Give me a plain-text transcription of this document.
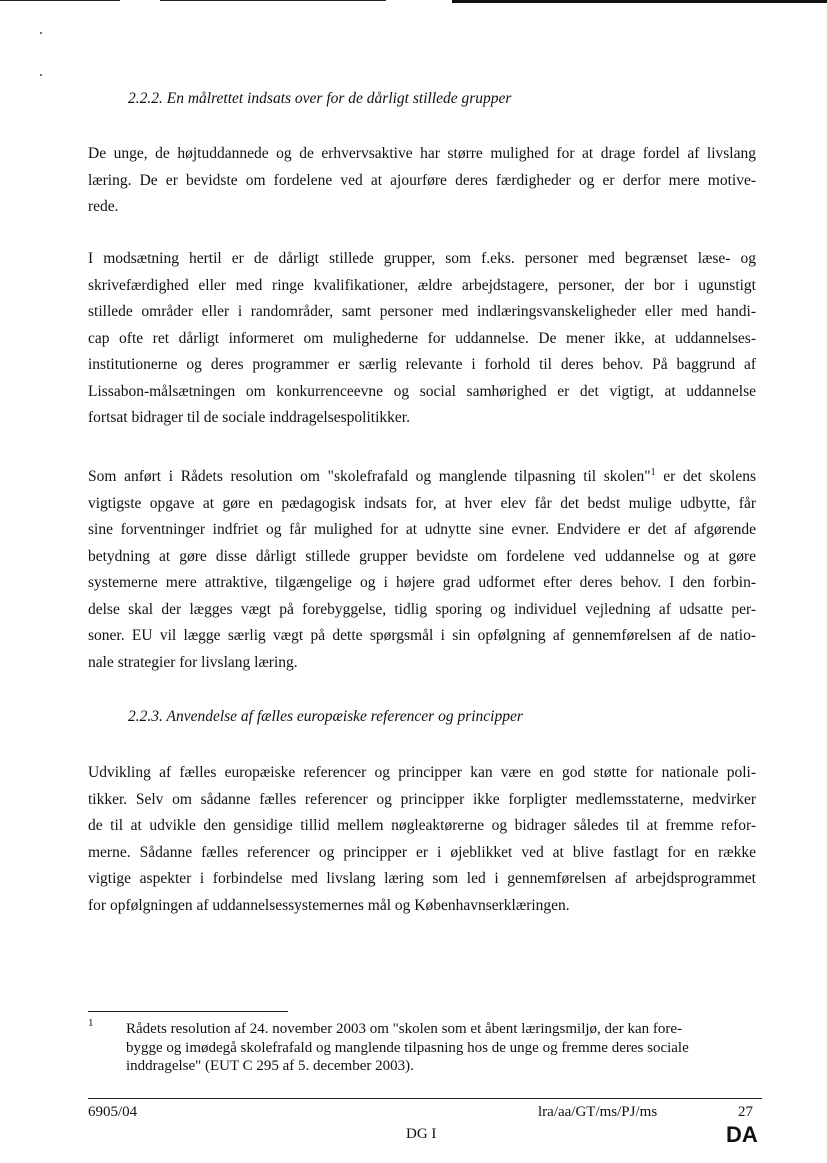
2.2.2. En målrettet indsats over for de dårligt stillede grupper
De unge, de højtuddannede og de erhvervsaktive har større mulighed for at drage fordel af livslang
læring. De er bevidste om fordelene ved at ajourføre deres færdigheder og er derfor mere motive-
rede.
I modsætning hertil er de dårligt stillede grupper, som f.eks. personer med begrænset læse- og
skrivefærdighed eller med ringe kvalifikationer, ældre arbejdstagere, personer, der bor i ugunstigt
stillede områder eller i randområder, samt personer med indlæringsvanskeligheder eller med handi-
cap ofte ret dårligt informeret om mulighederne for uddannelse. De mener ikke, at uddannelses-
institutionerne og deres programmer er særlig relevante i forhold til deres behov. På baggrund af
Lissabon-målsætningen om konkurrenceevne og social samhørighed er det vigtigt, at uddannelse
fortsat bidrager til de sociale inddragelsespolitikker.
Som anført i Rådets resolution om "skolefrafald og manglende tilpasning til skolen"$^1$ er det skolens
vigtigste opgave at gøre en pædagogisk indsats for, at hver elev får det bedst mulige udbytte, får
sine forventninger indfriet og får mulighed for at udnytte sine evner. Endvidere er det af afgørende
betydning at gøre disse dårligt stillede grupper bevidste om fordelene ved uddannelse og at gøre
systemerne mere attraktive, tilgængelige og i højere grad udformet efter deres behov. I den forbin-
delse skal der lægges vægt på forebyggelse, tidlig sporing og individuel vejledning af udsatte per-
soner. EU vil lægge særlig vægt på dette spørgsmål i sin opfølgning af gennemførelsen af de natio-
nale strategier for livslang læring.
2.2.3. Anvendelse af fælles europæiske referencer og principper
Udvikling af fælles europæiske referencer og principper kan være en god støtte for nationale poli-
tikker. Selv om sådanne fælles referencer og principper ikke forpligter medlemsstaterne, medvirker
de til at udvikle den gensidige tillid mellem nøgleaktørerne og bidrager således til at fremme refor-
merne. Sådanne fælles referencer og principper er i øjeblikket ved at blive fastlagt for en række
vigtige aspekter i forbindelse med livslang læring som led i gennemførelsen af arbejdsprogrammet
for opfølgningen af uddannelsessystemernes mål og Københavnserklæringen.
1 Rådets resolution af 24. november 2003 om "skolen som et åbent læringsmiljø, der kan fore-
bygge og imødegå skolefrafald og manglende tilpasning hos de unge og fremme deres sociale
inddragelse" (EUT C 295 af 5. december 2003).
6905/04	lra/aa/GT/ms/PJ/ms	27
DG I	DA
